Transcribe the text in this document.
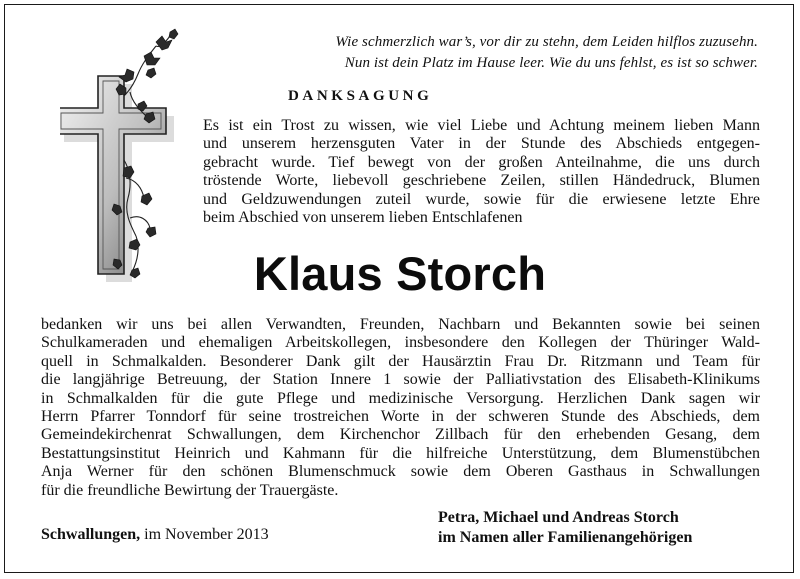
Wie schmerzlich war’s, vor dir zu stehn, dem Leiden hilflos zuzusehn.
Nun ist dein Platz im Hause leer. Wie du uns fehlst, es ist so schwer.
DANKSAGUNG
Es ist ein Trost zu wissen, wie viel Liebe und Achtung meinem lieben Mann
und unserem herzensguten Vater in der Stunde des Abschieds entgegen-
gebracht wurde. Tief bewegt von der großen Anteilnahme, die uns durch
tröstende Worte, liebevoll geschriebene Zeilen, stillen Händedruck, Blumen
und Geldzuwendungen zuteil wurde, sowie für die erwiesene letzte Ehre
beim Abschied von unserem lieben Entschlafenen
Klaus Storch
bedanken wir uns bei allen Verwandten, Freunden, Nachbarn und Bekannten sowie bei seinen
Schulkameraden und ehemaligen Arbeitskollegen, insbesondere den Kollegen der Thüringer Wald-
quell in Schmalkalden. Besonderer Dank gilt der Hausärztin Frau Dr. Ritzmann und Team für
die langjährige Betreuung, der Station Innere 1 sowie der Palliativstation des Elisabeth-Klinikums
in Schmalkalden für die gute Pflege und medizinische Versorgung. Herzlichen Dank sagen wir
Herrn Pfarrer Tonndorf für seine trostreichen Worte in der schweren Stunde des Abschieds, dem
Gemeindekirchenrat Schwallungen, dem Kirchenchor Zillbach für den erhebenden Gesang, dem
Bestattungsinstitut Heinrich und Kahmann für die hilfreiche Unterstützung, dem Blumenstübchen
Anja Werner für den schönen Blumenschmuck sowie dem Oberen Gasthaus in Schwallungen
für die freundliche Bewirtung der Trauergäste.
Schwallungen, im November 2013
Petra, Michael und Andreas Storch
im Namen aller Familienangehörigen
